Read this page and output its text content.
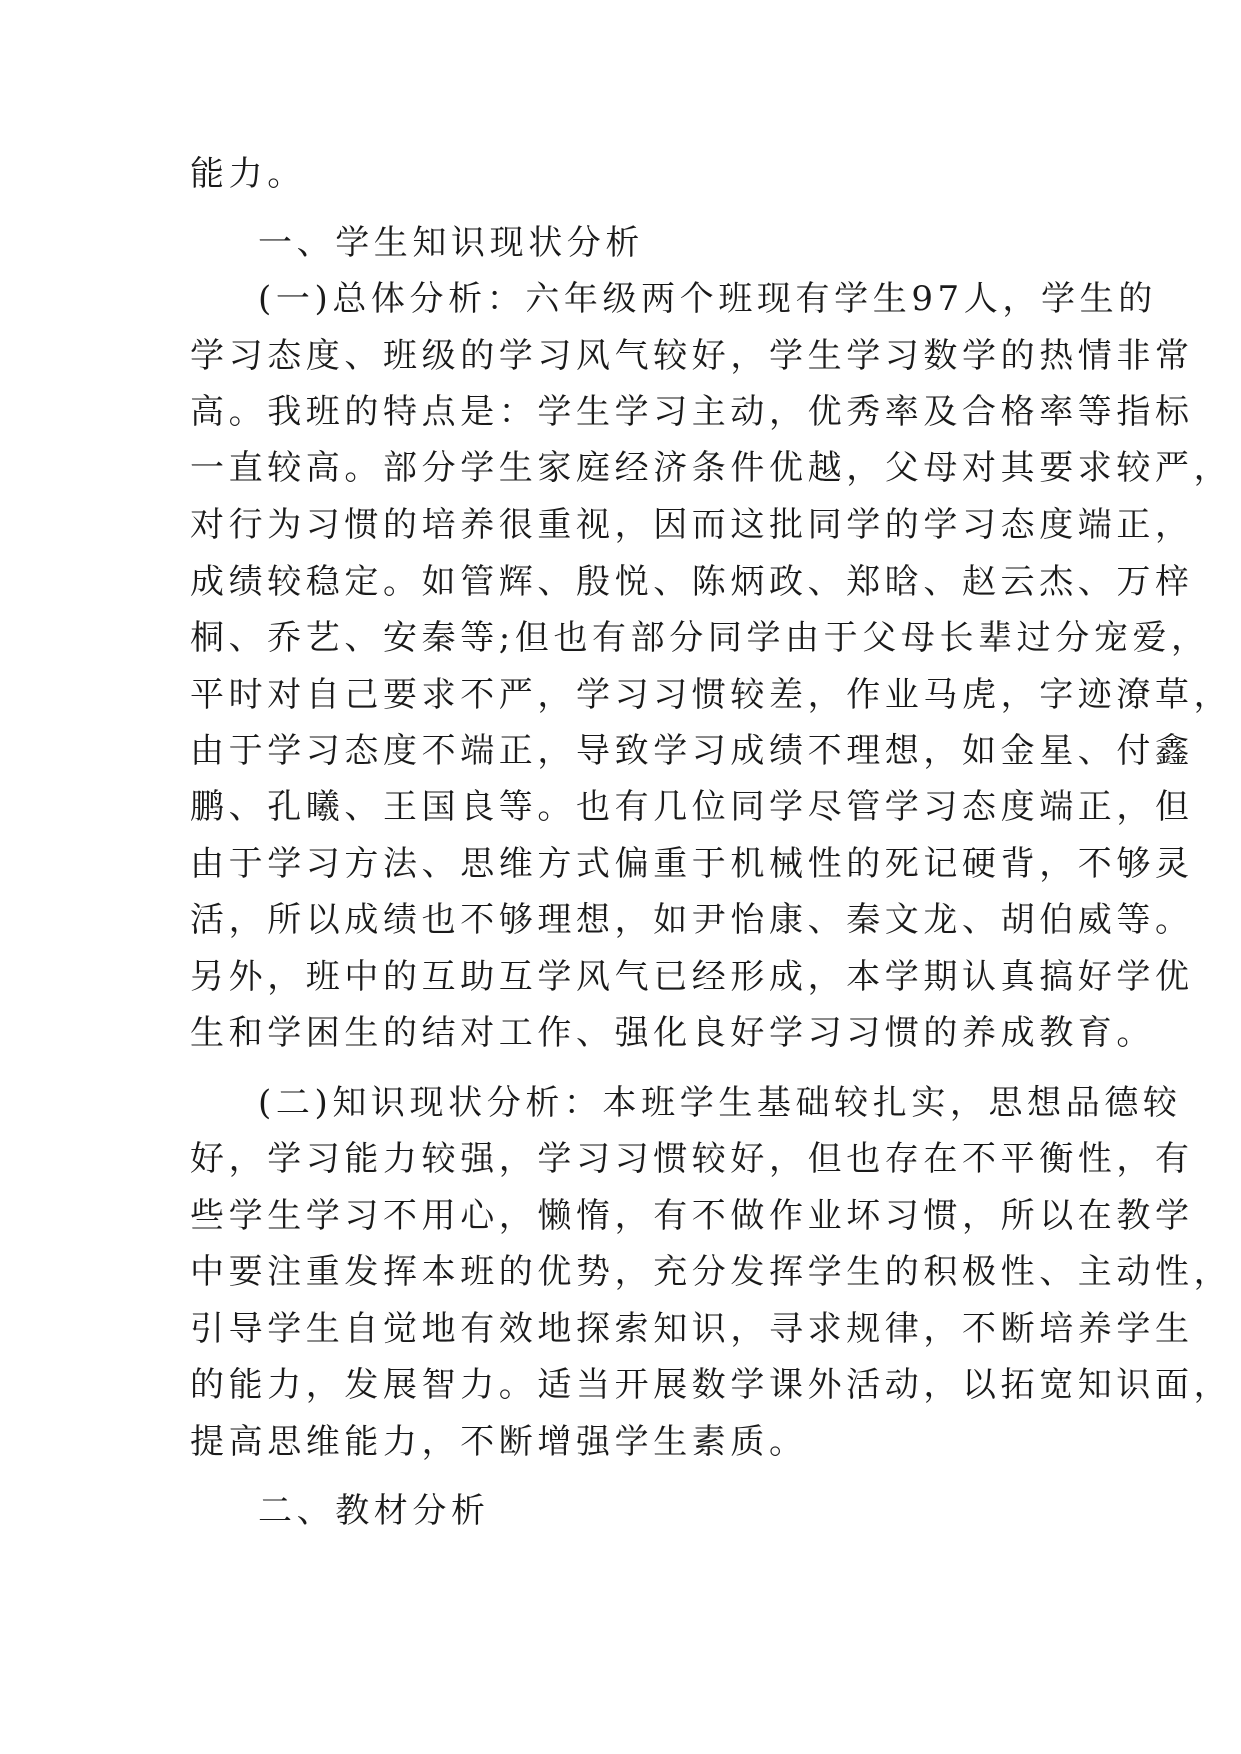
能力。
一、学生知识现状分析
(一)总体分析：六年级两个班现有学生97人，学生的
学习态度、班级的学习风气较好，学生学习数学的热情非常
高。我班的特点是：学生学习主动，优秀率及合格率等指标
一直较高。部分学生家庭经济条件优越，父母对其要求较严，
对行为习惯的培养很重视，因而这批同学的学习态度端正，
成绩较稳定。如管辉、殷悦、陈炳政、郑晗、赵云杰、万梓
桐、乔艺、安秦等;但也有部分同学由于父母长辈过分宠爱，
平时对自己要求不严，学习习惯较差，作业马虎，字迹潦草，
由于学习态度不端正，导致学习成绩不理想，如金星、付鑫
鹏、孔曦、王国良等。也有几位同学尽管学习态度端正，但
由于学习方法、思维方式偏重于机械性的死记硬背，不够灵
活，所以成绩也不够理想，如尹怡康、秦文龙、胡伯威等。
另外，班中的互助互学风气已经形成，本学期认真搞好学优
生和学困生的结对工作、强化良好学习习惯的养成教育。
(二)知识现状分析：本班学生基础较扎实，思想品德较
好，学习能力较强，学习习惯较好，但也存在不平衡性，有
些学生学习不用心，懒惰，有不做作业坏习惯，所以在教学
中要注重发挥本班的优势，充分发挥学生的积极性、主动性，
引导学生自觉地有效地探索知识，寻求规律，不断培养学生
的能力，发展智力。适当开展数学课外活动，以拓宽知识面，
提高思维能力，不断增强学生素质。
二、教材分析
